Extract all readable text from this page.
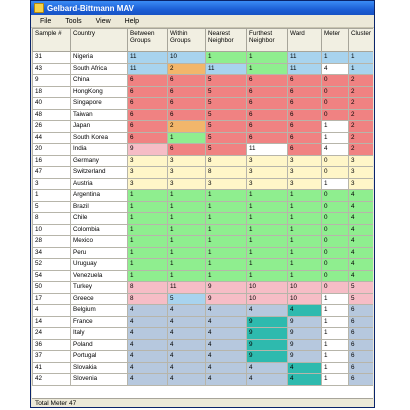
Gelbard-Bittmann MAV
File	Tools	View	Help
Sample #	Country	Between Groups	Within Groups	Nearest Neighbor	Furthest Neighbor	Ward	Meter	Cluster
31	Nigeria	11	10	1	1	11	1	1
43	South Africa	11	2	11	1	11	4	1
9	China	6	6	5	6	6	0	2
18	HongKong	6	6	5	6	6	0	2
40	Singapore	6	6	5	6	6	0	2
48	Taiwan	6	6	5	6	6	0	2
26	Japan	6	2	5	6	6	1	2
44	South Korea	6	1	5	6	6	1	2
20	India	9	6	5	11	6	4	2
16	Germany	3	3	8	3	3	0	3
47	Switzerland	3	3	8	3	3	0	3
3	Austria	3	3	3	3	3	1	3
1	Argentina	1	1	1	1	1	0	4
5	Brazil	1	1	1	1	1	0	4
8	Chile	1	1	1	1	1	0	4
10	Colombia	1	1	1	1	1	0	4
28	Mexico	1	1	1	1	1	0	4
34	Peru	1	1	1	1	1	0	4
52	Uruguay	1	1	1	1	1	0	4
54	Venezuela	1	1	1	1	1	0	4
50	Turkey	8	11	9	10	10	0	5
17	Greece	8	5	9	10	10	1	5
4	Belgium	4	4	4	4	4	1	6
14	France	4	4	4	9	9	1	6
24	Italy	4	4	4	9	9	1	6
36	Poland	4	4	4	9	9	1	6
37	Portugal	4	4	4	9	9	1	6
41	Slovakia	4	4	4	4	4	1	6
42	Slovenia	4	4	4	4	4	1	6
Total Meter 47
